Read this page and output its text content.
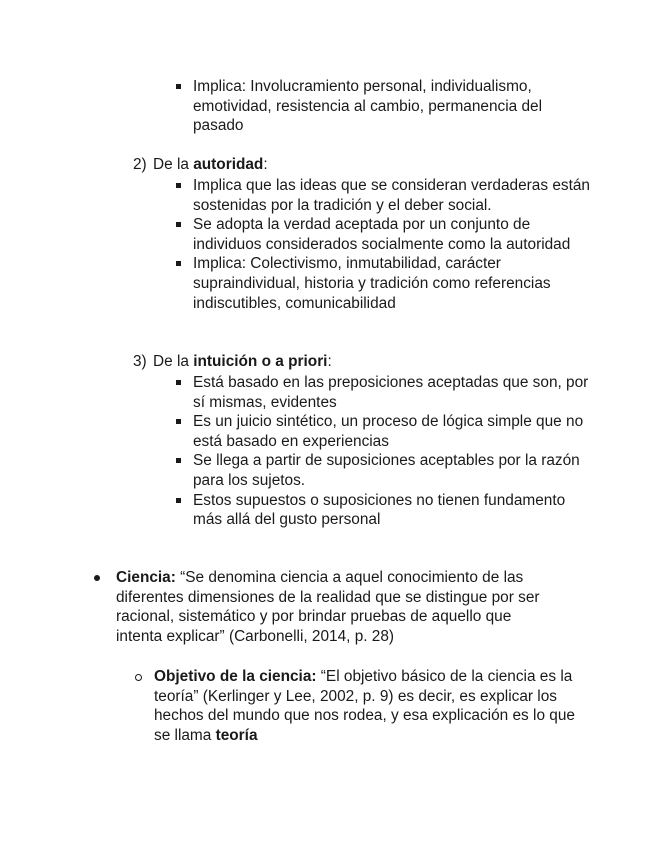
Implica: Involucramiento personal, individualismo, emotividad, resistencia al cambio, permanencia del pasado

2) De la autoridad:

Implica que las ideas que se consideran verdaderas están sostenidas por la tradición y el deber social.
Se adopta la verdad aceptada por un conjunto de individuos considerados socialmente como la autoridad
Implica: Colectivismo, inmutabilidad, carácter supraindividual, historia y tradición como referencias indiscutibles, comunicabilidad

3) De la intuición o a priori:

Está basado en las preposiciones aceptadas que son, por sí mismas, evidentes
Es un juicio sintético, un proceso de lógica simple que no está basado en experiencias
Se llega a partir de suposiciones aceptables por la razón para los sujetos.
Estos supuestos o suposiciones no tienen fundamento más allá del gusto personal

Ciencia: “Se denomina ciencia a aquel conocimiento de las diferentes dimensiones de la realidad que se distingue por ser racional, sistemático y por brindar pruebas de aquello que intenta explicar” (Carbonelli, 2014, p. 28)

Objetivo de la ciencia: “El objetivo básico de la ciencia es la teoría” (Kerlinger y Lee, 2002, p. 9) es decir, es explicar los hechos del mundo que nos rodea, y esa explicación es lo que se llama teoría
